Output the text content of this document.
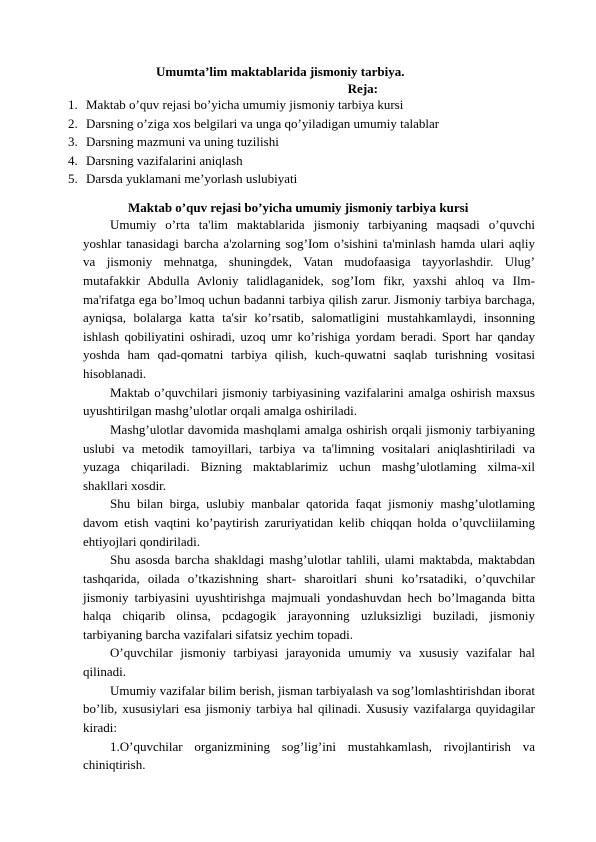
Umumta’lim maktablarida jismoniy tarbiya.
Reja:
1. Maktab o’quv rejasi bo’yicha umumiy jismoniy tarbiya kursi
2. Darsning o’ziga xos belgilari va unga qo’yiladigan umumiy talablar
3. Darsning mazmuni va uning tuzilishi
4. Darsning vazifalarini aniqlash
5. Darsda yuklamani me’yorlash uslubiyati
Maktab o’quv rejasi bo’yicha umumiy jismoniy tarbiya kursi

Umumiy o’rta ta'lim maktablarida jismoniy tarbiyaning maqsadi o’quvchi yoshlar tanasidagi barcha a'zolarning sog’Iom o’sishini ta'minlash hamda ulari aqliy va jismoniy mehnatga, shuningdek, Vatan mudofaasiga tayyorlashdir. Ulug’ mutafakkir Abdulla Avloniy talidlaganidek, sog’Iom fikr, yaxshi ahloq va Ilm-ma'rifatga ega bo’lmoq uchun badanni tarbiya qilish zarur. Jismoniy tarbiya barchaga, ayniqsa, bolalarga katta ta'sir ko’rsatib, salomatligini mustahkamlaydi, insonning ishlash qobiliyatini oshiradi, uzoq umr ko’rishiga yordam beradi. Sport har qanday yoshda ham qad-qomatni tarbiya qilish, kuch-quwatni saqlab turishning vositasi hisoblanadi.

Maktab o’quvchilari jismoniy tarbiyasining vazifalarini amalga oshirish maxsus uyushtirilgan mashg’ulotlar orqali amalga oshiriladi.

Mashg’ulotlar davomida mashqlami amalga oshirish orqali jismoniy tarbiyaning uslubi va metodik tamoyillari, tarbiya va ta'limning vositalari aniqlashtiriladi va yuzaga chiqariladi. Bizning maktablarimiz uchun mashg’ulotlaming xilma-xil shakllari xosdir.

Shu bilan birga, uslubiy manbalar qatorida faqat jismoniy mashg’ulotlaming davom etish vaqtini ko’paytirish zaruriyatidan kelib chiqqan holda o’quvcliilaming ehtiyojlari qondiriladi.

Shu asosda barcha shakldagi mashg’ulotlar tahlili, ulami maktabda, maktabdan tashqarida, oilada o’tkazishning shart- sharoitlari shuni ko’rsatadiki, o’quvchilar jismoniy tarbiyasini uyushtirishga majmuali yondashuvdan hech bo’lmaganda bitta halqa chiqarib olinsa, pcdagogik jarayonning uzluksizligi buziladi, jismoniy tarbiyaning barcha vazifalari sifatsiz yechim topadi.

O’quvchilar jismoniy tarbiyasi jarayonida umumiy va xususiy vazifalar hal qilinadi.

Umumiy vazifalar bilim berish, jisman tarbiyalash va sog’lomlashtirishdan iborat bo’lib, xususiylari esa jismoniy tarbiya hal qilinadi. Xususiy vazifalarga quyidagilar kiradi:

1.O’quvchilar organizmining sog’lig’ini mustahkamlash, rivojlantirish va chiniqtirish.
